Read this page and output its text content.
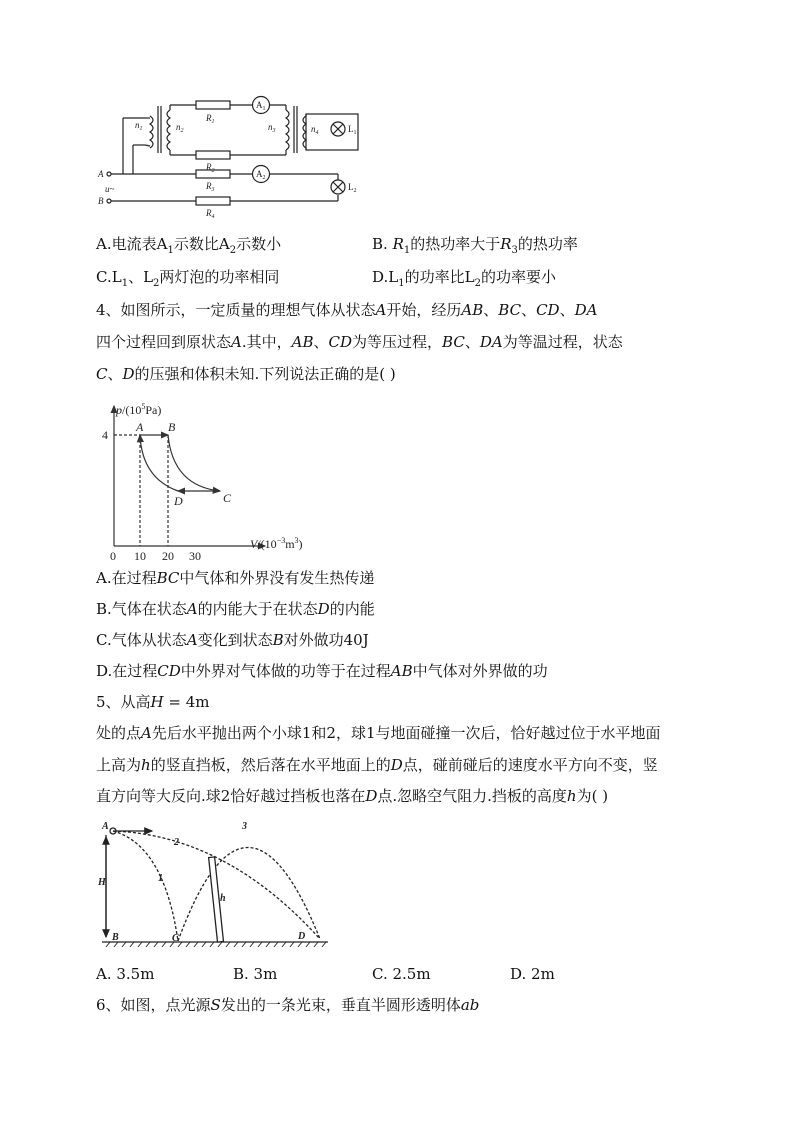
$n_1$	$n_2$	$n_3$	$n_4$
$R_1$
$R_2$
$R_3$
$R_4$
A
B
u~
$A_1$
$A_2$
$L_1$
$L_2$
A.电流表$A_1$示数比$A_2$示数小	B. $R_1$的热功率大于$R_3$的热功率
$C.L_1$、$L_2$两灯泡的功率相同	$D.L_1$的功率比$L_2$的功率要小
4、如图所示，一定质量的理想气体从状态A开始，经历AB、BC、CD、DA
四个过程回到原状态A.其中，AB、CD为等压过程，BC、DA为等温过程，状态
C、D的压强和体积未知.下列说法正确的是( )
$p/(10^5Pa)$
4
0 10 20 30
$V/(10^{-3}m^3)$
A B
C
D
A.在过程BC中气体和外界没有发生热传递
B.气体在状态A的内能大于在状态D的内能
C.气体从状态A变化到状态B对外做功40J
D.在过程CD中外界对气体做的功等于在过程AB中气体对外界做的功
5、从高H = 4m
处的点A先后水平抛出两个小球1和2，球1与地面碰撞一次后，恰好越过位于水平地面
上高为h的竖直挡板，然后落在水平地面上的D点，碰前碰后的速度水平方向不变，竖
直方向等大反向.球2恰好越过挡板也落在D点.忽略空气阻力.挡板的高度h为( )
A
B	C	D
H
h
1
2
3
A. 3.5m	B. 3m	C. 2.5m	D. 2m
6、如图，点光源S发出的一条光束，垂直半圆形透明体ab
